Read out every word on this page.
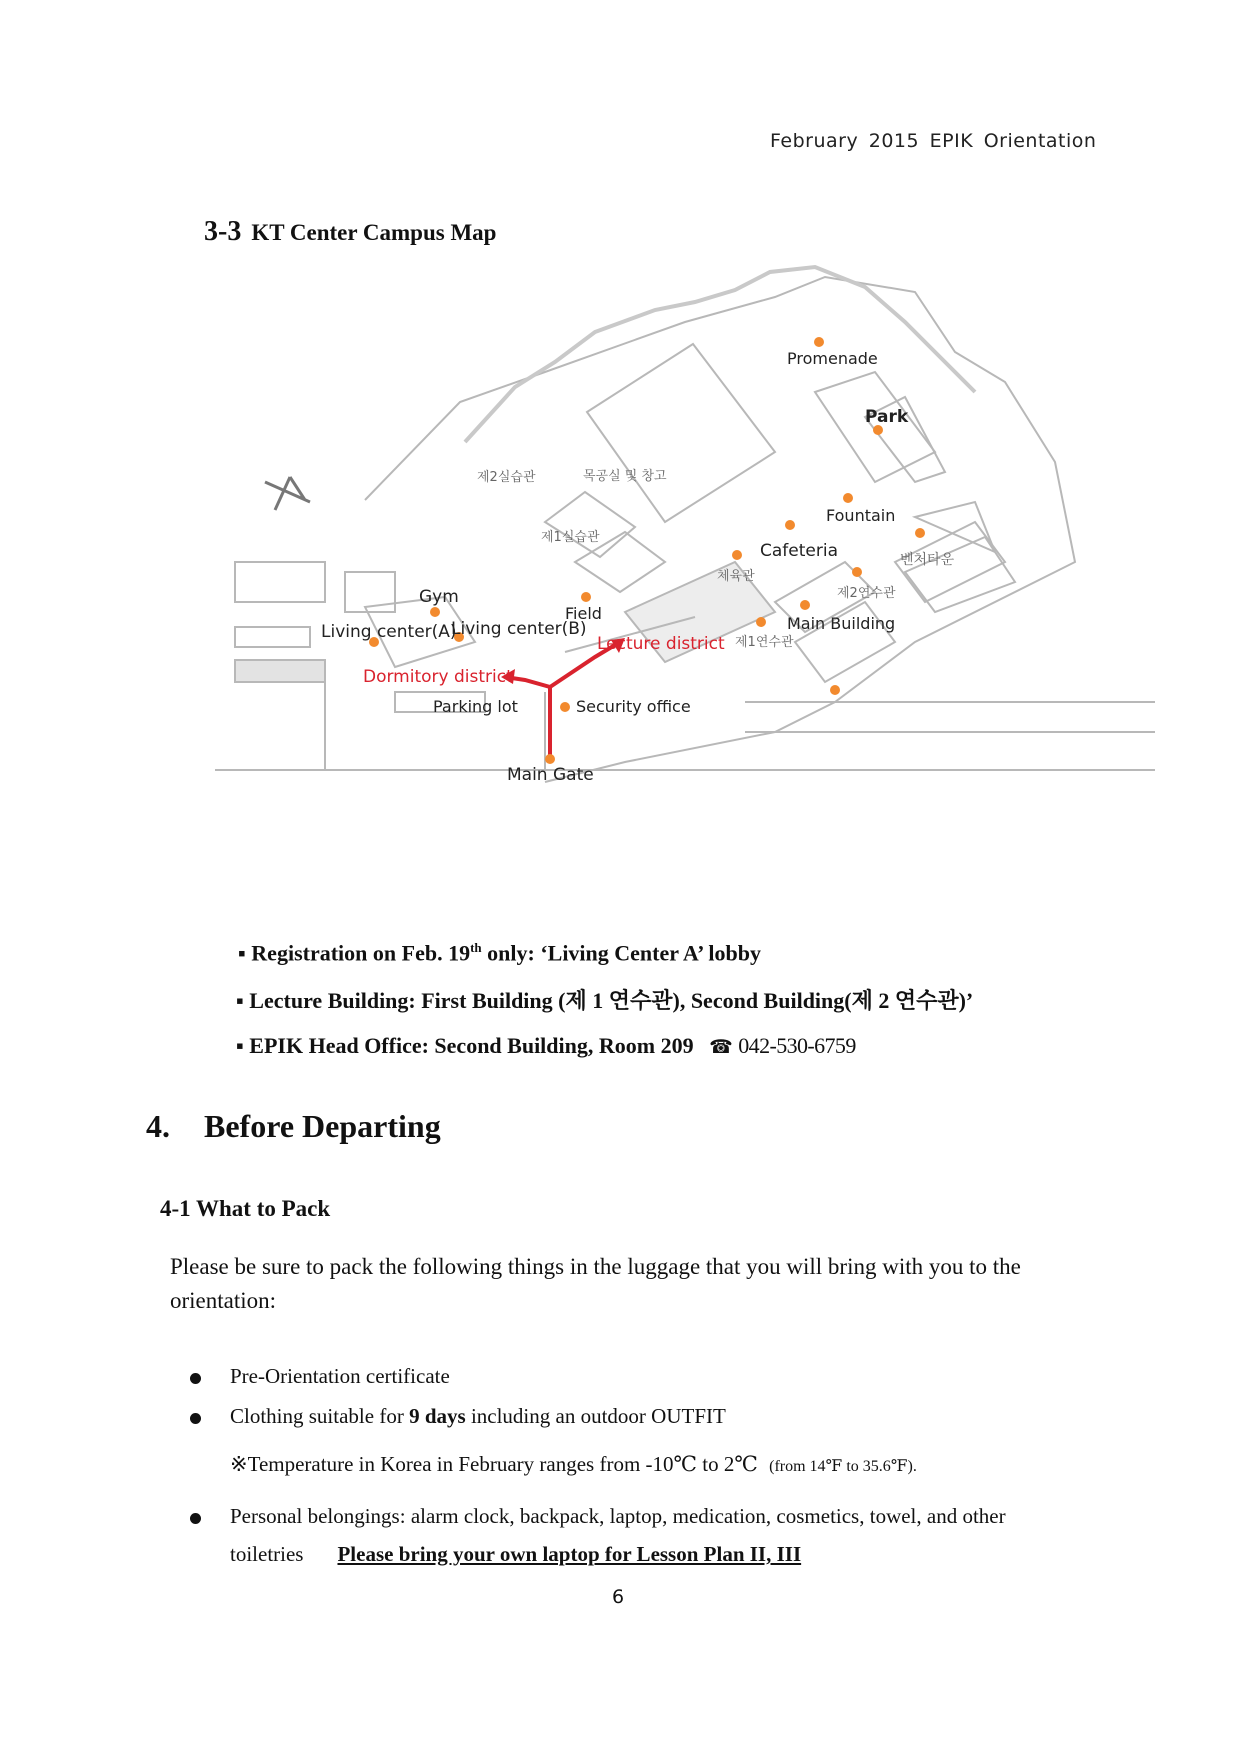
February 2015 EPIK Orientation
3-3 KT Center Campus Map
Promenade
Park
Fountain
Cafeteria	벤처타운
체육관
제2연수관
Main Building
제1연수관
Lecture district
Field
Gym
Living center(A)
Living center(B)
Dormitory district
Parking lot	Security office
Main Gate
제2실습관	목공실 및 창고
제1실습관
▪ Registration on Feb. 19th only: ‘Living Center A’ lobby
▪ Lecture Building: First Building (제 1 연수관), Second Building(제 2 연수관)’
▪ EPIK Head Office: Second Building, Room 209 ☎ 042-530-6759
4. Before Departing
4-1 What to Pack
Please be sure to pack the following things in the luggage that you will bring with you to the orientation:
Pre-Orientation certificate
Clothing suitable for 9 days including an outdoor OUTFIT
※Temperature in Korea in February ranges from -10℃ to 2℃ (from 14℉ to 35.6℉).
Personal belongings: alarm clock, backpack, laptop, medication, cosmetics, towel, and other
toiletries Please bring your own laptop for Lesson Plan II, III
6
